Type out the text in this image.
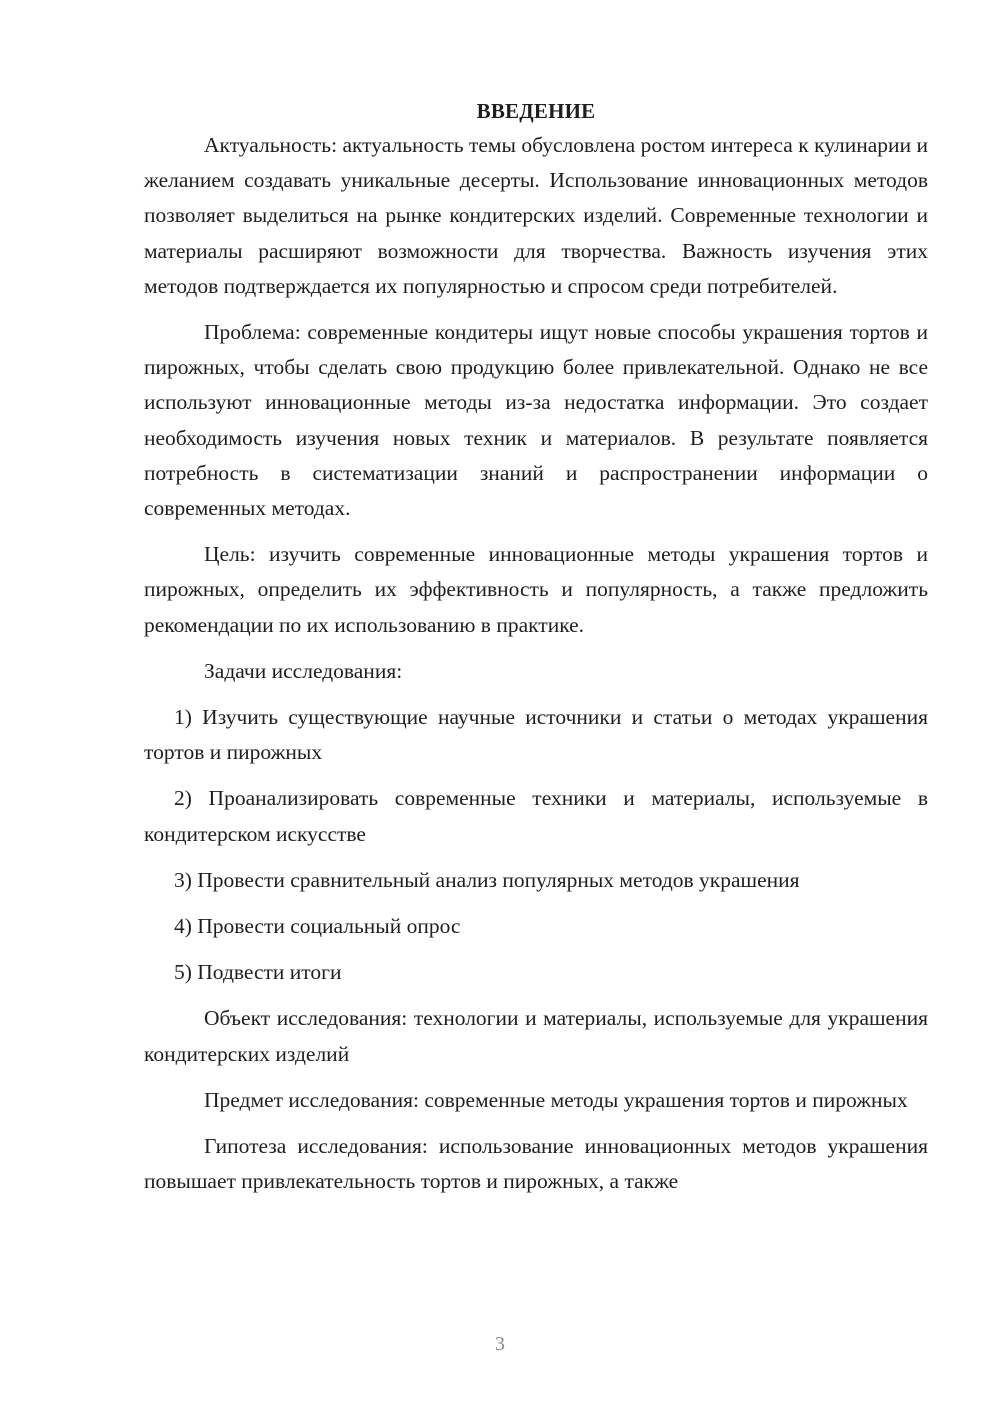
ВВЕДЕНИЕ

Актуальность: актуальность темы обусловлена ростом интереса к кулинарии и желанием создавать уникальные десерты. Использование инновационных методов позволяет выделиться на рынке кондитерских изделий. Современные технологии и материалы расширяют возможности для творчества. Важность изучения этих методов подтверждается их популярностью и спросом среди потребителей.

Проблема: современные кондитеры ищут новые способы украшения тортов и пирожных, чтобы сделать свою продукцию более привлекательной. Однако не все используют инновационные методы из-за недостатка информации. Это создает необходимость изучения новых техник и материалов. В результате появляется потребность в систематизации знаний и распространении информации о современных методах.

Цель: изучить современные инновационные методы украшения тортов и пирожных, определить их эффективность и популярность, а также предложить рекомендации по их использованию в практике.

Задачи исследования:

1) Изучить существующие научные источники и статьи о методах украшения тортов и пирожных

2) Проанализировать современные техники и материалы, используемые в кондитерском искусстве

3) Провести сравнительный анализ популярных методов украшения

4) Провести социальный опрос

5) Подвести итоги

Объект исследования: технологии и материалы, используемые для украшения кондитерских изделий

Предмет исследования: современные методы украшения тортов и пирожных

Гипотеза исследования: использование инновационных методов украшения повышает привлекательность тортов и пирожных, а также

3
